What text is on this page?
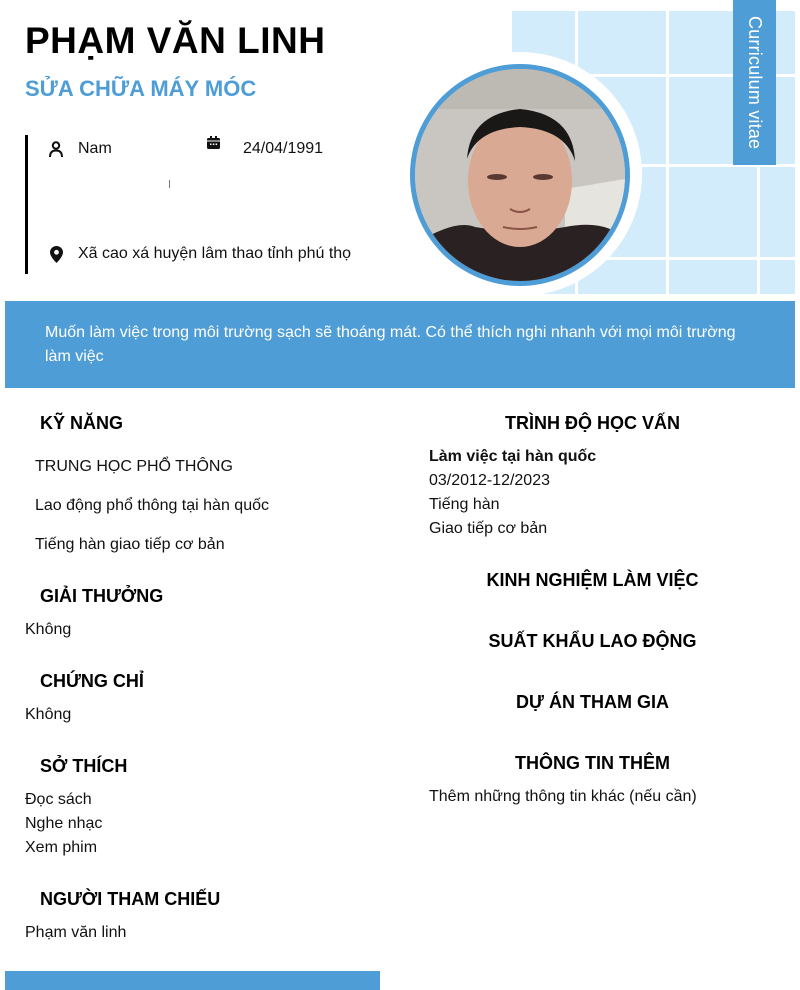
PHẠM VĂN LINH
SỬA CHỮA MÁY MÓC	Curriculum vitae
Nam	24/04/1991
Xã cao xá huyện lâm thao tỉnh phú thọ
Muốn làm việc trong môi trường sạch sẽ thoáng mát. Có thể thích nghi nhanh với mọi môi trường làm việc
KỸ NĂNG
TRUNG HỌC PHỔ THÔNG
Lao động phổ thông tại hàn quốc
Tiếng hàn giao tiếp cơ bản
GIẢI THƯỞNG
Không
CHỨNG CHỈ
Không
SỞ THÍCH
Đọc sách
Nghe nhạc
Xem phim
NGƯỜI THAM CHIẾU
Phạm văn linh
TRÌNH ĐỘ HỌC VẤN
Làm việc tại hàn quốc
03/2012-12/2023
Tiếng hàn
Giao tiếp cơ bản
KINH NGHIỆM LÀM VIỆC
SUẤT KHẨU LAO ĐỘNG
DỰ ÁN THAM GIA
THÔNG TIN THÊM
Thêm những thông tin khác (nếu cần)
